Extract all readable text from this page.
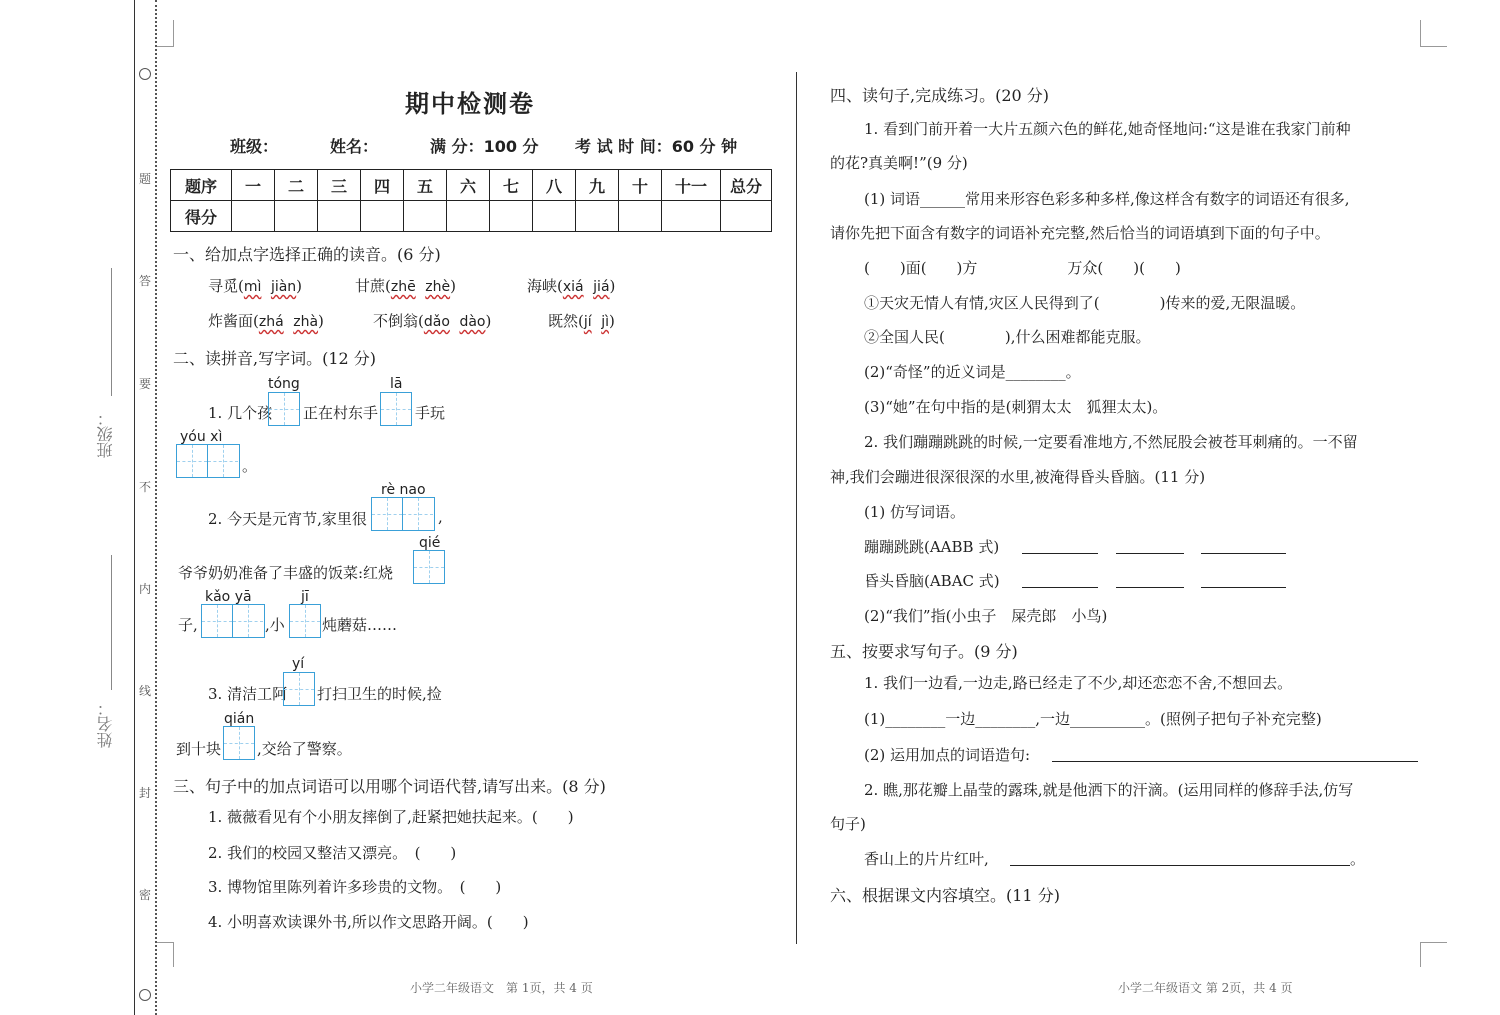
题
答
要
不
内
线
封
密
班级：
姓名：
期中检测卷
班级：	姓名：	满 分：100 分 考 试 时 间：60 分 钟
题序	一	二	三	四	五	六	七	八	九	十	十一	总分
得分												
一、给加点字选择正确的读音。(6 分)
寻觅(mì jiàn)	甘蔗(zhē zhè)	海峡(xiá jiá)
炸酱面(zhá zhà)	不倒翁(dǎo dào)	既然(jí jì)
二、读拼音,写字词。(12 分)
tóng
1. 几个孩 正在村东手
lā
手玩
yóu xì
。
rè nao
2. 今天是元宵节,家里很	,
爷爷奶奶准备了丰盛的饭菜:红烧
qié
子,
kǎo yā
,小
jī
炖蘑菇……
yí
3. 清洁工阿 打扫卫生的时候,捡
qián
到十块 ,交给了警察。
三、句子中的加点词语可以用哪个词语代替,请写出来。(8 分)
1. 薇薇看见有个小朋友摔倒了,赶紧把她扶起来。(　　)
2. 我们的校园又整洁又漂亮。　(　　)
3. 博物馆里陈列着许多珍贵的文物。　(　　)
4. 小明喜欢读课外书,所以作文思路开阔。(　　)
小学二年级语文　第 1页，共 4 页
四、读句子,完成练习。(20 分)
1. 看到门前开着一大片五颜六色的鲜花,她奇怪地问:“这是谁在我家门前种
的花?真美啊!”(9 分)
(1) 词语______常用来形容色彩多种多样,像这样含有数字的词语还有很多,
请你先把下面含有数字的词语补充完整,然后恰当的词语填到下面的句子中。
(　　)面(　　)方　　　　　　万众(　　)(　　)
①天灾无情人有情,灾区人民得到了(　　　　)传来的爱,无限温暖。
②全国人民(　　　　),什么困难都能克服。
(2)“奇怪”的近义词是________。
(3)“她”在句中指的是(刺猬太太　狐狸太太)。
2. 我们蹦蹦跳跳的时候,一定要看准地方,不然屁股会被苍耳刺痛的。一不留
神,我们会蹦进很深很深的水里,被淹得昏头昏脑。(11 分)
(1) 仿写词语。
蹦蹦跳跳(AABB 式)
昏头昏脑(ABAC 式)
(2)“我们”指(小虫子　屎壳郎　小鸟)
五、按要求写句子。(9 分)
1. 我们一边看,一边走,路已经走了不少,却还恋恋不舍,不想回去。
(1)________一边________,一边__________。(照例子把句子补充完整)
(2) 运用加点的词语造句:
2. 瞧,那花瓣上晶莹的露珠,就是他洒下的汗滴。(运用同样的修辞手法,仿写
句子)
香山上的片片红叶,	。
六、根据课文内容填空。(11 分)
小学二年级语文 第 2页，共 4 页
